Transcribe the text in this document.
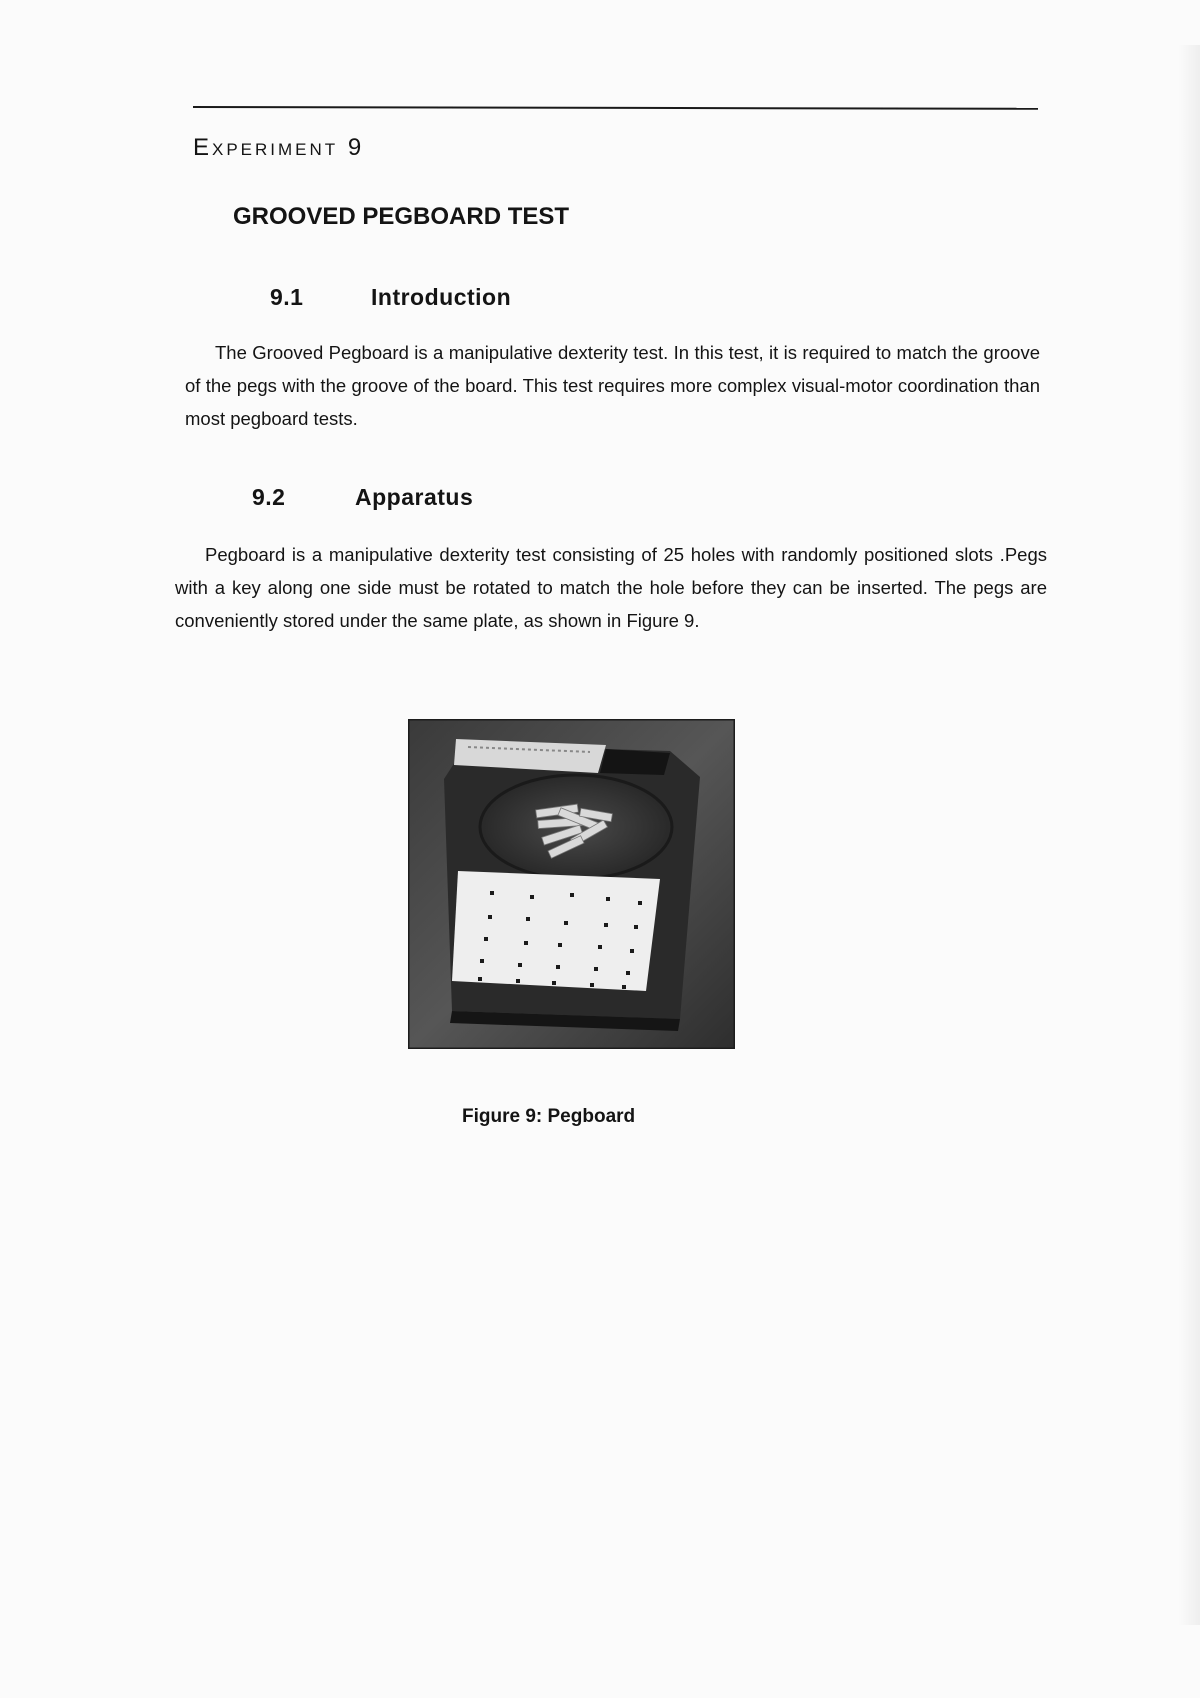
Experiment 9
GROOVED PEGBOARD TEST
9.1	Introduction

The Grooved Pegboard is a manipulative dexterity test. In this test, it is required to match the groove of the pegs with the groove of the board. This test requires more complex visual-motor coordination than most pegboard tests.

9.2	Apparatus

Pegboard is a manipulative dexterity test consisting of 25 holes with randomly positioned slots .Pegs with a key along one side must be rotated to match the hole before they can be inserted. The pegs are conveniently stored under the same plate, as shown in Figure 9.

Figure 9: Pegboard
